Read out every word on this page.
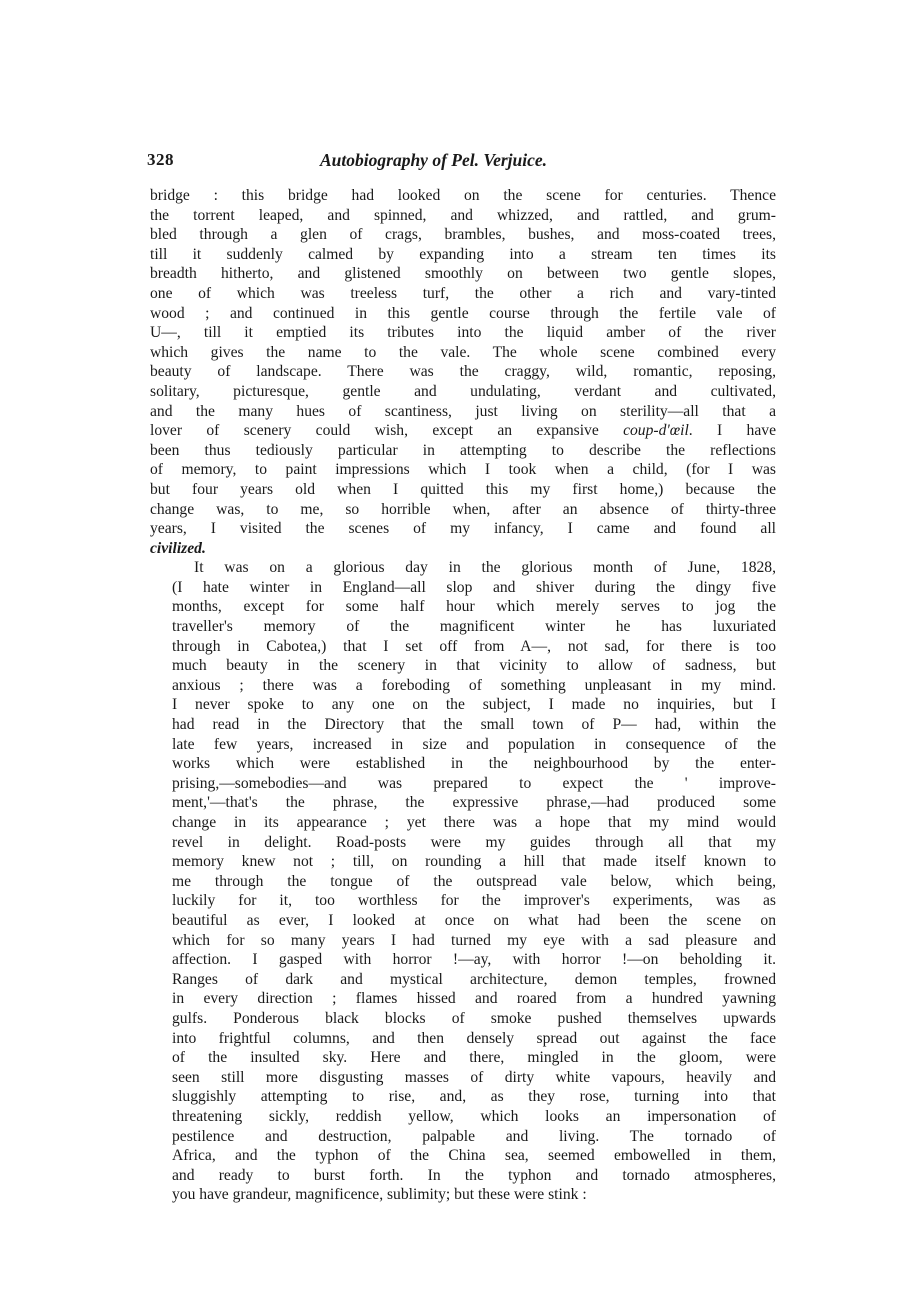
328	Autobiography of Pel. Verjuice.
bridge : this bridge had looked on the scene for centuries. Thence
the torrent leaped, and spinned, and whizzed, and rattled, and grum-
bled through a glen of crags, brambles, bushes, and moss-coated trees,
till it suddenly calmed by expanding into a stream ten times its
breadth hitherto, and glistened smoothly on between two gentle slopes,
one of which was treeless turf, the other a rich and vary-tinted
wood ; and continued in this gentle course through the fertile vale of
U—, till it emptied its tributes into the liquid amber of the river
which gives the name to the vale. The whole scene combined every
beauty of landscape. There was the craggy, wild, romantic, reposing,
solitary, picturesque, gentle and undulating, verdant and cultivated,
and the many hues of scantiness, just living on sterility—all that a
lover of scenery could wish, except an expansive coup-d'œil. I have
been thus tediously particular in attempting to describe the reflections
of memory, to paint impressions which I took when a child, (for I was
but four years old when I quitted this my first home,) because the
change was, to me, so horrible when, after an absence of thirty-three
years, I visited the scenes of my infancy, I came and found all
civilized.
It was on a glorious day in the glorious month of June, 1828,
(I hate winter in England—all slop and shiver during the dingy five
months, except for some half hour which merely serves to jog the
traveller's memory of the magnificent winter he has luxuriated
through in Cabotea,) that I set off from A—, not sad, for there is too
much beauty in the scenery in that vicinity to allow of sadness, but
anxious ; there was a foreboding of something unpleasant in my mind.
I never spoke to any one on the subject, I made no inquiries, but I
had read in the Directory that the small town of P— had, within the
late few years, increased in size and population in consequence of the
works which were established in the neighbourhood by the enter-
prising,—somebodies—and was prepared to expect the ' improve-
ment,'—that's the phrase, the expressive phrase,—had produced some
change in its appearance ; yet there was a hope that my mind would
revel in delight. Road-posts were my guides through all that my
memory knew not ; till, on rounding a hill that made itself known to
me through the tongue of the outspread vale below, which being,
luckily for it, too worthless for the improver's experiments, was as
beautiful as ever, I looked at once on what had been the scene on
which for so many years I had turned my eye with a sad pleasure and
affection. I gasped with horror !—ay, with horror !—on beholding it.
Ranges of dark and mystical architecture, demon temples, frowned
in every direction ; flames hissed and roared from a hundred yawning
gulfs. Ponderous black blocks of smoke pushed themselves upwards
into frightful columns, and then densely spread out against the face
of the insulted sky. Here and there, mingled in the gloom, were
seen still more disgusting masses of dirty white vapours, heavily and
sluggishly attempting to rise, and, as they rose, turning into that
threatening sickly, reddish yellow, which looks an impersonation of
pestilence and destruction, palpable and living. The tornado of
Africa, and the typhon of the China sea, seemed embowelled in them,
and ready to burst forth. In the typhon and tornado atmospheres,
you have grandeur, magnificence, sublimity; but these were stink :
